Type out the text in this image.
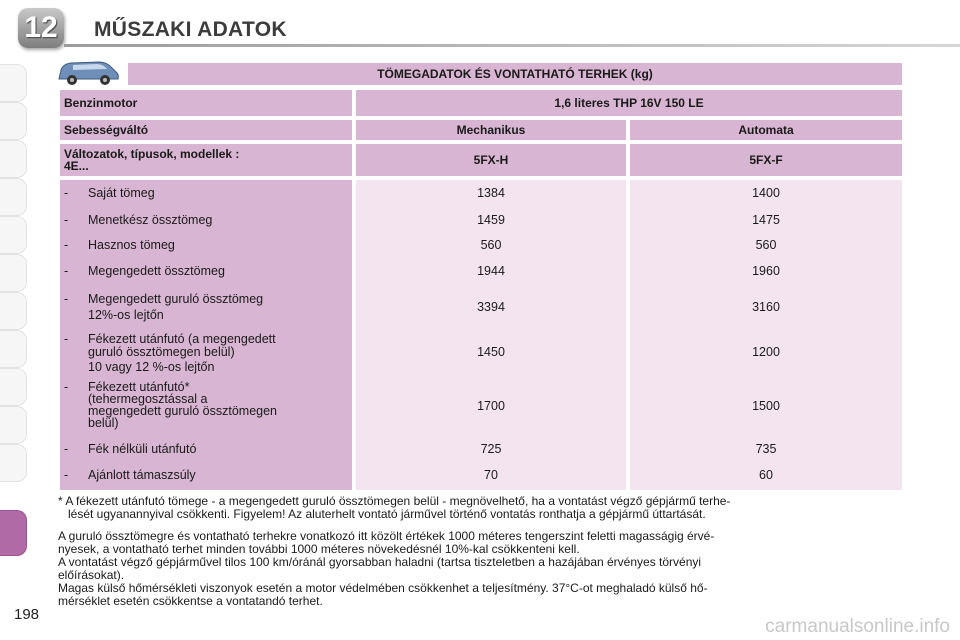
12	MŰSZAKI ADATOK
TÖMEGADATOK ÉS VONTATHATÓ TERHEK (kg)
Benzinmotor	1,6 literes THP 16V 150 LE
Sebességváltó	Mechanikus	Automata
Változatok, típusok, modellek :
4E...	5FX-H	5FX-F
- Saját tömeg	1384	1400
- Menetkész össztömeg	1459	1475
- Hasznos tömeg	560	560
- Megengedett össztömeg	1944	1960
- Megengedett guruló össztömeg
12%-os lejtőn
3394	3160
- Fékezett utánfutó (a megengedett
guruló össztömegen belül)
10 vagy 12 %-os lejtőn
1450	1200
- Fékezett utánfutó*
(tehermegosztással a
megengedett guruló össztömegen
belül)
1700	1500
- Fék nélküli utánfutó	725	735
- Ajánlott támaszsúly	70	60
* A fékezett utánfutó tömege - a megengedett guruló össztömegen belül - megnövelhető, ha a vontatást végző gépjármű terhe-
lését ugyanannyival csökkenti. Figyelem! Az aluterhelt vontató járművel történő vontatás ronthatja a gépjármű úttartását.
A guruló össztömegre és vontatható terhekre vonatkozó itt közölt értékek 1000 méteres tengerszint feletti magasságig érvé-
nyesek, a vontatható terhet minden további 1000 méteres növekedésnél 10%-kal csökkenteni kell.
A vontatást végző gépjárművel tilos 100 km/óránál gyorsabban haladni (tartsa tiszteletben a hazájában érvényes törvényi
előírásokat).
Magas külső hőmérsékleti viszonyok esetén a motor védelmében csökkenhet a teljesítmény. 37°C-ot meghaladó külső hő-
mérséklet esetén csökkentse a vontatandó terhet.
198
carmanualsonline.info
